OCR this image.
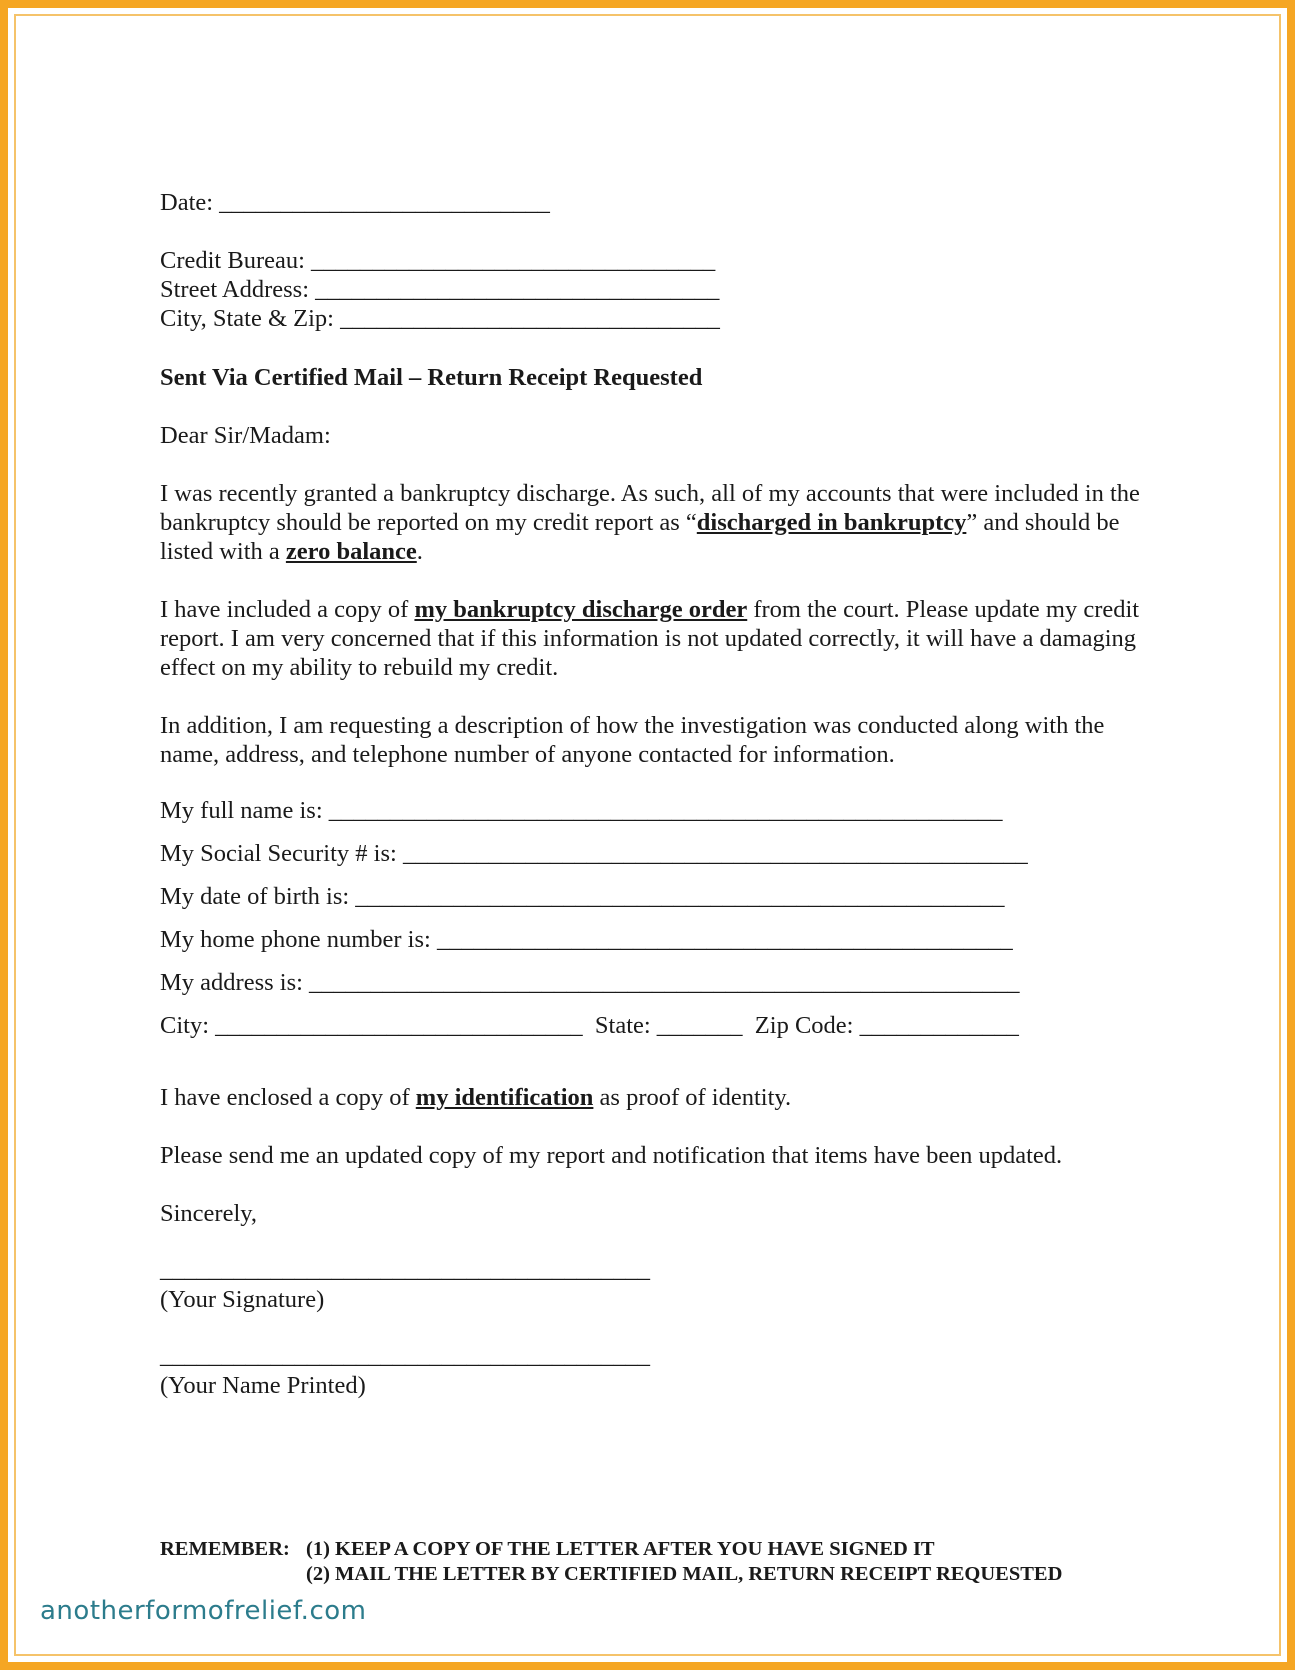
Date: ___________________________
Credit Bureau: _________________________________
Street Address: _________________________________
City, State & Zip: _______________________________
Sent Via Certified Mail – Return Receipt Requested
Dear Sir/Madam:
I was recently granted a bankruptcy discharge. As such, all of my accounts that were included in the bankruptcy should be reported on my credit report as “discharged in bankruptcy” and should be listed with a zero balance.
I have included a copy of my bankruptcy discharge order from the court. Please update my credit report. I am very concerned that if this information is not updated correctly, it will have a damaging effect on my ability to rebuild my credit.
In addition, I am requesting a description of how the investigation was conducted along with the name, address, and telephone number of anyone contacted for information.
My full name is: _______________________________________________________
My Social Security # is: ___________________________________________________
My date of birth is: _____________________________________________________
My home phone number is: _______________________________________________
My address is: __________________________________________________________
City: ______________________________  State: _______  Zip Code: _____________
I have enclosed a copy of my identification as proof of identity.
Please send me an updated copy of my report and notification that items have been updated.
Sincerely,
________________________________________
(Your Signature)
________________________________________
(Your Name Printed)
REMEMBER: (1) KEEP A COPY OF THE LETTER AFTER YOU HAVE SIGNED IT
(2) MAIL THE LETTER BY CERTIFIED MAIL, RETURN RECEIPT REQUESTED
anotherformofrelief.com
